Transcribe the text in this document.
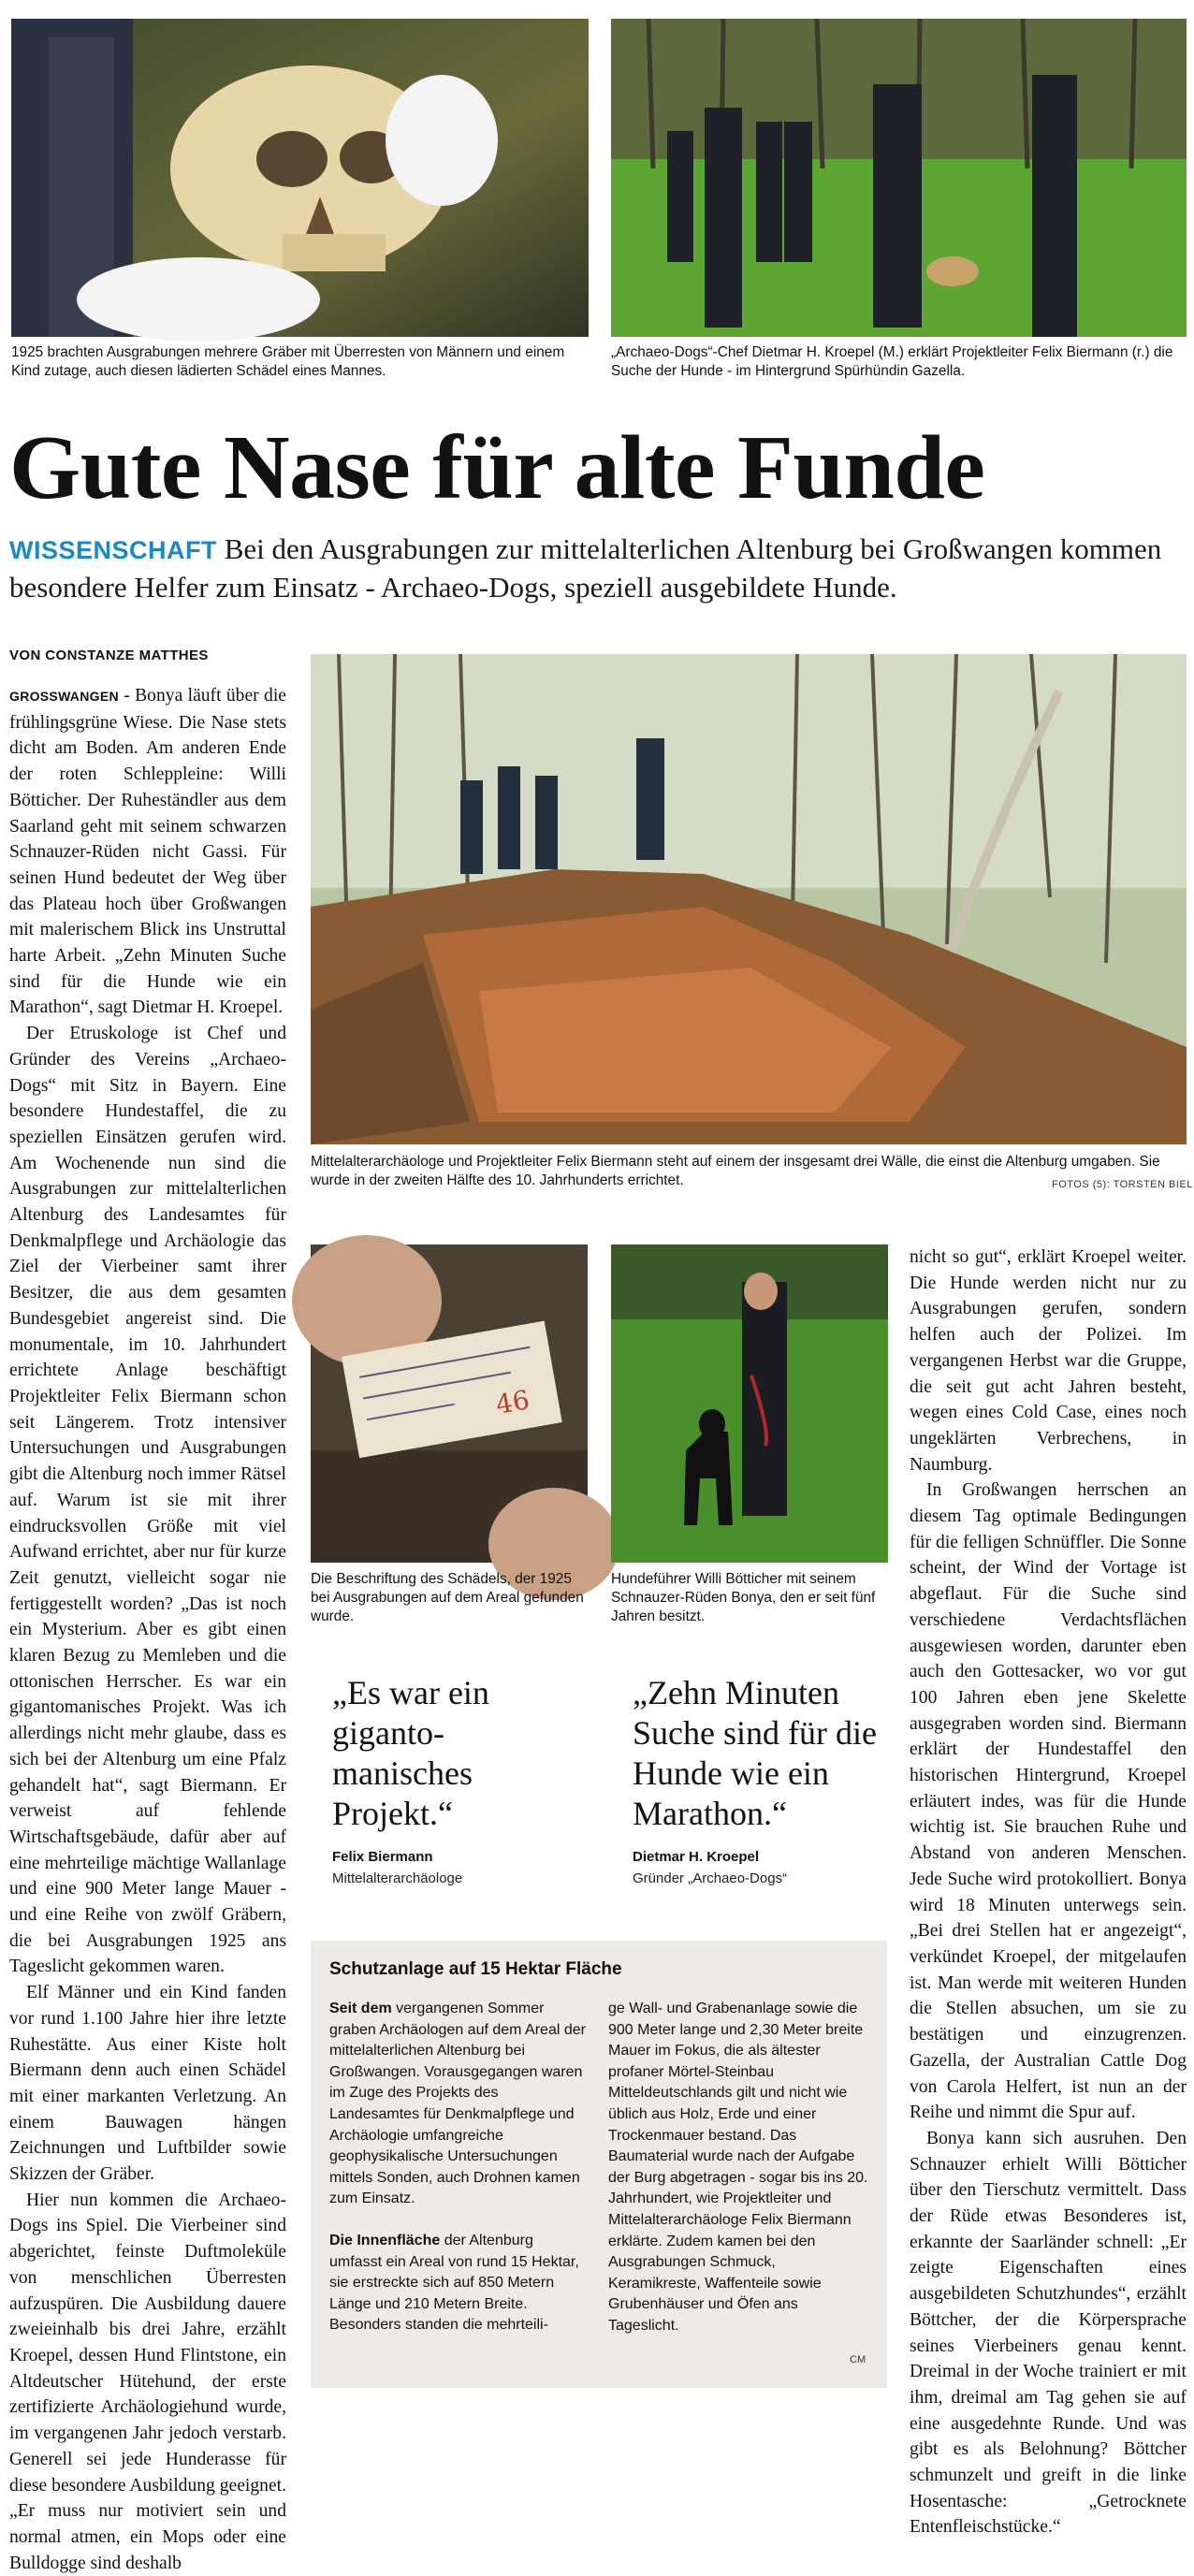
1925 brachten Ausgrabungen mehrere Gräber mit Überresten von Männern und einem Kind zutage, auch diesen lädierten Schädel eines Mannes.
„Archaeo-Dogs“-Chef Dietmar H. Kroepel (M.) erklärt Projektleiter Felix Biermann (r.) die Suche der Hunde - im Hintergrund Spürhündin Gazella.
Gute Nase für alte Funde
WISSENSCHAFT Bei den Ausgrabungen zur mittelalterlichen Altenburg bei Großwangen kommen besondere Helfer zum Einsatz - Archaeo-Dogs, speziell ausgebildete Hunde.
VON CONSTANZE MATTHES

GROSSWANGEN - Bonya läuft über die frühlingsgrüne Wiese. Die Nase stets dicht am Boden. Am anderen Ende der roten Schleppleine: Willi Bötticher. Der Ruheständler aus dem Saarland geht mit seinem schwarzen Schnauzer-Rüden nicht Gassi. Für seinen Hund bedeutet der Weg über das Plateau hoch über Großwangen mit malerischem Blick ins Unstruttal harte Arbeit. „Zehn Minuten Suche sind für die Hunde wie ein Marathon“, sagt Dietmar H. Kroepel.

Der Etruskologe ist Chef und Gründer des Vereins „Archaeo-Dogs“ mit Sitz in Bayern. Eine besondere Hundestaffel, die zu speziellen Einsätzen gerufen wird. Am Wochenende nun sind die Ausgrabungen zur mittelalterlichen Altenburg des Landesamtes für Denkmalpflege und Archäologie das Ziel der Vierbeiner samt ihrer Besitzer, die aus dem gesamten Bundesgebiet angereist sind. Die monumentale, im 10. Jahrhundert errichtete Anlage beschäftigt Projektleiter Felix Biermann schon seit Längerem. Trotz intensiver Untersuchungen und Ausgrabungen gibt die Altenburg noch immer Rätsel auf. Warum ist sie mit ihrer eindrucksvollen Größe mit viel Aufwand errichtet, aber nur für kurze Zeit genutzt, vielleicht sogar nie fertiggestellt worden? „Das ist noch ein Mysterium. Aber es gibt einen klaren Bezug zu Memleben und die ottonischen Herrscher. Es war ein gigantomanisches Projekt. Was ich allerdings nicht mehr glaube, dass es sich bei der Altenburg um eine Pfalz gehandelt hat“, sagt Biermann. Er verweist auf fehlende Wirtschaftsgebäude, dafür aber auf eine mehrteilige mächtige Wallanlage und eine 900 Meter lange Mauer - und eine Reihe von zwölf Gräbern, die bei Ausgrabungen 1925 ans Tageslicht gekommen waren.

Elf Männer und ein Kind fanden vor rund 1.100 Jahre hier ihre letzte Ruhestätte. Aus einer Kiste holt Biermann denn auch einen Schädel mit einer markanten Verletzung. An einem Bauwagen hängen Zeichnungen und Luftbilder sowie Skizzen der Gräber.

Hier nun kommen die Archaeo-Dogs ins Spiel. Die Vierbeiner sind abgerichtet, feinste Duftmoleküle von menschlichen Überresten aufzuspüren. Die Ausbildung dauere zweieinhalb bis drei Jahre, erzählt Kroepel, dessen Hund Flintstone, ein Altdeutscher Hütehund, der erste zertifizierte Archäologiehund wurde, im vergangenen Jahr jedoch verstarb. Generell sei jede Hunderasse für diese besondere Ausbildung geeignet. „Er muss nur motiviert sein und normal atmen, ein Mops oder eine Bulldogge sind deshalb

Mittelalterarchäologe und Projektleiter Felix Biermann steht auf einem der insgesamt drei Wälle, die einst die Altenburg umgaben. Sie wurde in der zweiten Hälfte des 10. Jahrhunderts errichtet.	FOTOS (5): TORSTEN BIEL
46
Die Beschriftung des Schädels, der 1925 bei Ausgrabungen auf dem Areal gefunden wurde.
Hundeführer Willi Bötticher mit seinem Schnauzer-Rüden Bonya, den er seit fünf Jahren besitzt.
„Es war ein giganto-manisches Projekt.“
Felix Biermann
Mittelalterarchäologe
„Zehn Minuten Suche sind für die Hunde wie ein Marathon.“
Dietmar H. Kroepel
Gründer „Archaeo-Dogs“
Schutzanlage auf 15 Hektar Fläche

Seit dem vergangenen Sommer graben Archäologen auf dem Areal der mittelalterlichen Altenburg bei Großwangen. Vorausgegangen waren im Zuge des Projekts des Landesamtes für Denkmalpflege und Archäologie umfangreiche geophysikalische Untersuchungen mittels Sonden, auch Drohnen kamen zum Einsatz.

Die Innenfläche der Altenburg umfasst ein Areal von rund 15 Hektar, sie erstreckte sich auf 850 Metern Länge und 210 Metern Breite. Besonders standen die mehrteili-

ge Wall- und Grabenanlage sowie die 900 Meter lange und 2,30 Meter breite Mauer im Fokus, die als ältester profaner Mörtel-Steinbau Mitteldeutschlands gilt und nicht wie üblich aus Holz, Erde und einer Trockenmauer bestand. Das Baumaterial wurde nach der Aufgabe der Burg abgetragen - sogar bis ins 20. Jahrhundert, wie Projektleiter und Mittelalterarchäologe Felix Biermann erklärte. Zudem kamen bei den Ausgrabungen Schmuck, Keramikreste, Waffenteile sowie Grubenhäuser und Öfen ans Tageslicht.

CM

nicht so gut“, erklärt Kroepel weiter. Die Hunde werden nicht nur zu Ausgrabungen gerufen, sondern helfen auch der Polizei. Im vergangenen Herbst war die Gruppe, die seit gut acht Jahren besteht, wegen eines Cold Case, eines noch ungeklärten Verbrechens, in Naumburg.

In Großwangen herrschen an diesem Tag optimale Bedingungen für die felligen Schnüffler. Die Sonne scheint, der Wind der Vortage ist abgeflaut. Für die Suche sind verschiedene Verdachtsflächen ausgewiesen worden, darunter eben auch den Gottesacker, wo vor gut 100 Jahren eben jene Skelette ausgegraben worden sind. Biermann erklärt der Hundestaffel den historischen Hintergrund, Kroepel erläutert indes, was für die Hunde wichtig ist. Sie brauchen Ruhe und Abstand von anderen Menschen. Jede Suche wird protokolliert. Bonya wird 18 Minuten unterwegs sein. „Bei drei Stellen hat er angezeigt“, verkündet Kroepel, der mitgelaufen ist. Man werde mit weiteren Hunden die Stellen absuchen, um sie zu bestätigen und einzugrenzen. Gazella, der Australian Cattle Dog von Carola Helfert, ist nun an der Reihe und nimmt die Spur auf.

Bonya kann sich ausruhen. Den Schnauzer erhielt Willi Bötticher über den Tierschutz vermittelt. Dass der Rüde etwas Besonderes ist, erkannte der Saarländer schnell: „Er zeigte Eigenschaften eines ausgebildeten Schutzhundes“, erzählt Böttcher, der die Körpersprache seines Vierbeiners genau kennt. Dreimal in der Woche trainiert er mit ihm, dreimal am Tag gehen sie auf eine ausgedehnte Runde. Und was gibt es als Belohnung? Böttcher schmunzelt und greift in die linke Hosentasche: „Getrocknete Entenfleischstücke.“
